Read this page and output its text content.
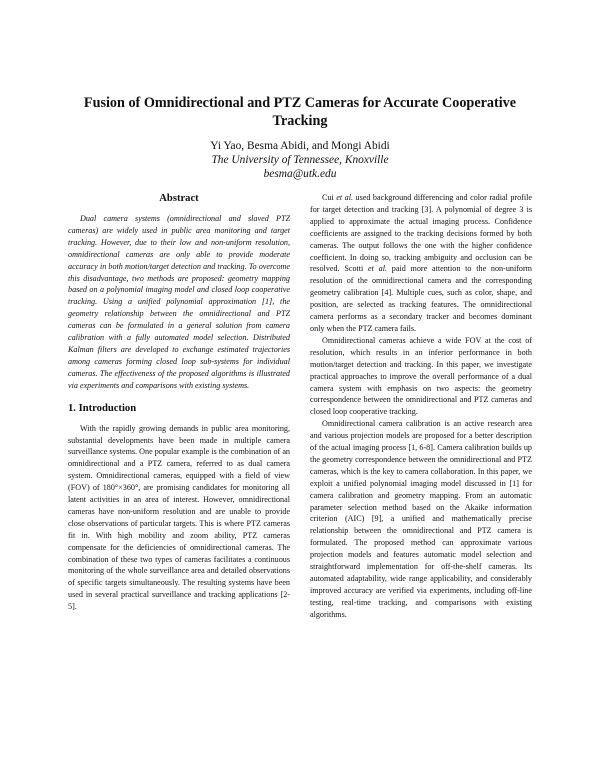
Fusion of Omnidirectional and PTZ Cameras for Accurate Cooperative Tracking
Yi Yao, Besma Abidi, and Mongi Abidi
The University of Tennessee, Knoxville
besma@utk.edu
Abstract

Dual camera systems (omnidirectional and slaved PTZ cameras) are widely used in public area monitoring and target tracking. However, due to their low and non-uniform resolution, omnidirectional cameras are only able to provide moderate accuracy in both motion/target detection and tracking. To overcome this disadvantage, two methods are proposed: geometry mapping based on a polynomial imaging model and closed loop cooperative tracking. Using a unified polynomial approximation [1], the geometry relationship between the omnidirectional and PTZ cameras can be formulated in a general solution from camera calibration with a fully automated model selection. Distributed Kalman filters are developed to exchange estimated trajectories among cameras forming closed loop sub-systems for individual cameras. The effectiveness of the proposed algorithms is illustrated via experiments and comparisons with existing systems.

1. Introduction

With the rapidly growing demands in public area monitoring, substantial developments have been made in multiple camera surveillance systems. One popular example is the combination of an omnidirectional and a PTZ camera, referred to as dual camera system. Omnidirectional cameras, equipped with a field of view (FOV) of 180°×360°, are promising candidates for monitoring all latent activities in an area of interest. However, omnidirectional cameras have non-uniform resolution and are unable to provide close observations of particular targets. This is where PTZ cameras fit in. With high mobility and zoom ability, PTZ cameras compensate for the deficiencies of omnidirectional cameras. The combination of these two types of cameras facilitates a continuous monitoring of the whole surveillance area and detailed observations of specific targets simultaneously. The resulting systems have been used in several practical surveillance and tracking applications [2-5].

Cui et al. used background differencing and color radial profile for target detection and tracking [3]. A polynomial of degree 3 is applied to approximate the actual imaging process. Confidence coefficients are assigned to the tracking decisions formed by both cameras. The output follows the one with the higher confidence coefficient. In doing so, tracking ambiguity and occlusion can be resolved. Scotti et al. paid more attention to the non-uniform resolution of the omnidirectional camera and the corresponding geometry calibration [4]. Multiple cues, such as color, shape, and position, are selected as tracking features. The omnidirectional camera performs as a secondary tracker and becomes dominant only when the PTZ camera fails.

Omnidirectional cameras achieve a wide FOV at the cost of resolution, which results in an inferior performance in both motion/target detection and tracking. In this paper, we investigate practical approaches to improve the overall performance of a dual camera system with emphasis on two aspects: the geometry correspondence between the omnidirectional and PTZ cameras and closed loop cooperative tracking.

Omnidirectional camera calibration is an active research area and various projection models are proposed for a better description of the actual imaging process [1, 6-8]. Camera calibration builds up the geometry correspondence between the omnidirectional and PTZ cameras, which is the key to camera collaboration. In this paper, we exploit a unified polynomial imaging model discussed in [1] for camera calibration and geometry mapping. From an automatic parameter selection method based on the Akaike information criterion (AIC) [9], a unified and mathematically precise relationship between the omnidirectional and PTZ camera is formulated. The proposed method can approximate various projection models and features automatic model selection and straightforward implementation for off-the-shelf cameras. Its automated adaptability, wide range applicability, and considerably improved accuracy are verified via experiments, including off-line testing, real-time tracking, and comparisons with existing algorithms.
